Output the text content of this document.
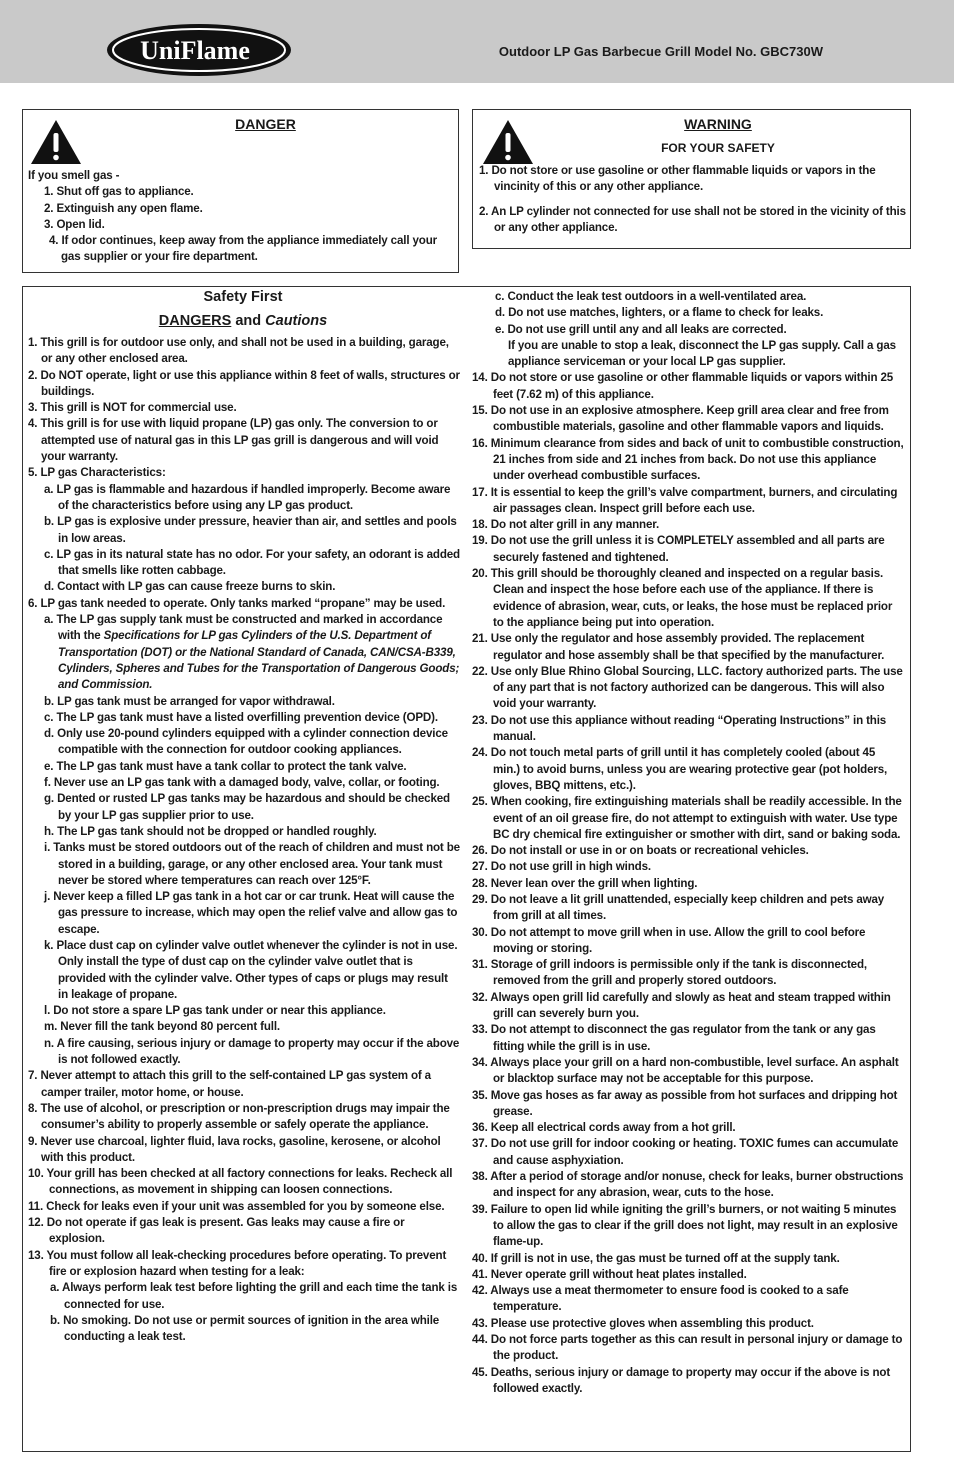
UniFlame	Outdoor LP Gas Barbecue Grill Model No. GBC730W
DANGER
If you smell gas -
1. Shut off gas to appliance.
2. Extinguish any open flame.
3. Open lid.
4. If odor continues, keep away from the appliance immediately call your gas supplier or your fire department.
WARNING
FOR YOUR SAFETY
1. Do not store or use gasoline or other flammable liquids or vapors in the vincinity of this or any other appliance.
2. An LP cylinder not connected for use shall not be stored in the vicinity of this or any other appliance.
Safety First
DANGERS and Cautions
1. This grill is for outdoor use only, and shall not be used in a building, garage, or any other enclosed area.
2. Do NOT operate, light or use this appliance within 8 feet of walls, structures or buildings.
3. This grill is NOT for commercial use.
4. This grill is for use with liquid propane (LP) gas only. The conversion to or attempted use of natural gas in this LP gas grill is dangerous and will void your warranty.
5. LP gas Characteristics:
a. LP gas is flammable and hazardous if handled improperly. Become aware of the characteristics before using any LP gas product.
b. LP gas is explosive under pressure, heavier than air, and settles and pools in low areas.
c. LP gas in its natural state has no odor. For your safety, an odorant is added that smells like rotten cabbage.
d. Contact with LP gas can cause freeze burns to skin.
6. LP gas tank needed to operate. Only tanks marked “propane” may be used.
a. The LP gas supply tank must be constructed and marked in accordance with the Specifications for LP gas Cylinders of the U.S. Department of Transportation (DOT) or the National Standard of Canada, CAN/CSA-B339, Cylinders, Spheres and Tubes for the Transportation of Dangerous Goods; and Commission.
b. LP gas tank must be arranged for vapor withdrawal.
c. The LP gas tank must have a listed overfilling prevention device (OPD).
d. Only use 20-pound cylinders equipped with a cylinder connection device compatible with the connection for outdoor cooking appliances.
e. The LP gas tank must have a tank collar to protect the tank valve.
f. Never use an LP gas tank with a damaged body, valve, collar, or footing.
g. Dented or rusted LP gas tanks may be hazardous and should be checked by your LP gas supplier prior to use.
h. The LP gas tank should not be dropped or handled roughly.
i. Tanks must be stored outdoors out of the reach of children and must not be stored in a building, garage, or any other enclosed area. Your tank must never be stored where temperatures can reach over 125°F.
j. Never keep a filled LP gas tank in a hot car or car trunk. Heat will cause the gas pressure to increase, which may open the relief valve and allow gas to escape.
k. Place dust cap on cylinder valve outlet whenever the cylinder is not in use. Only install the type of dust cap on the cylinder valve outlet that is provided with the cylinder valve. Other types of caps or plugs may result in leakage of propane.
l. Do not store a spare LP gas tank under or near this appliance.
m. Never fill the tank beyond 80 percent full.
n. A fire causing, serious injury or damage to property may occur if the above is not followed exactly.
7. Never attempt to attach this grill to the self-contained LP gas system of a camper trailer, motor home, or house.
8. The use of alcohol, or prescription or non-prescription drugs may impair the consumer’s ability to properly assemble or safely operate the appliance.
9. Never use charcoal, lighter fluid, lava rocks, gasoline, kerosene, or alcohol with this product.
10. Your grill has been checked at all factory connections for leaks. Recheck all connections, as movement in shipping can loosen connections.
11. Check for leaks even if your unit was assembled for you by someone else.
12. Do not operate if gas leak is present. Gas leaks may cause a fire or explosion.
13. You must follow all leak-checking procedures before operating. To prevent fire or explosion hazard when testing for a leak:
a. Always perform leak test before lighting the grill and each time the tank is connected for use.
b. No smoking. Do not use or permit sources of ignition in the area while conducting a leak test.
c. Conduct the leak test outdoors in a well-ventilated area.
d. Do not use matches, lighters, or a flame to check for leaks.
e. Do not use grill until any and all leaks are corrected.
If you are unable to stop a leak, disconnect the LP gas supply. Call a gas appliance serviceman or your local LP gas supplier.
14. Do not store or use gasoline or other flammable liquids or vapors within 25 feet (7.62 m) of this appliance.
15. Do not use in an explosive atmosphere. Keep grill area clear and free from combustible materials, gasoline and other flammable vapors and liquids.
16. Minimum clearance from sides and back of unit to combustible construction, 21 inches from side and 21 inches from back. Do not use this appliance under overhead combustible surfaces.
17. It is essential to keep the grill’s valve compartment, burners, and circulating air passages clean. Inspect grill before each use.
18. Do not alter grill in any manner.
19. Do not use the grill unless it is COMPLETELY assembled and all parts are securely fastened and tightened.
20. This grill should be thoroughly cleaned and inspected on a regular basis. Clean and inspect the hose before each use of the appliance. If there is evidence of abrasion, wear, cuts, or leaks, the hose must be replaced prior to the appliance being put into operation.
21. Use only the regulator and hose assembly provided. The replacement regulator and hose assembly shall be that specified by the manufacturer.
22. Use only Blue Rhino Global Sourcing, LLC. factory authorized parts. The use of any part that is not factory authorized can be dangerous. This will also void your warranty.
23. Do not use this appliance without reading “Operating Instructions” in this manual.
24. Do not touch metal parts of grill until it has completely cooled (about 45 min.) to avoid burns, unless you are wearing protective gear (pot holders, gloves, BBQ mittens, etc.).
25. When cooking, fire extinguishing materials shall be readily accessible. In the event of an oil grease fire, do not attempt to extinguish with water. Use type BC dry chemical fire extinguisher or smother with dirt, sand or baking soda.
26. Do not install or use in or on boats or recreational vehicles.
27. Do not use grill in high winds.
28. Never lean over the grill when lighting.
29. Do not leave a lit grill unattended, especially keep children and pets away from grill at all times.
30. Do not attempt to move grill when in use. Allow the grill to cool before moving or storing.
31. Storage of grill indoors is permissible only if the tank is disconnected, removed from the grill and properly stored outdoors.
32. Always open grill lid carefully and slowly as heat and steam trapped within grill can severely burn you.
33. Do not attempt to disconnect the gas regulator from the tank or any gas fitting while the grill is in use.
34. Always place your grill on a hard non-combustible, level surface. An asphalt or blacktop surface may not be acceptable for this purpose.
35. Move gas hoses as far away as possible from hot surfaces and dripping hot grease.
36. Keep all electrical cords away from a hot grill.
37. Do not use grill for indoor cooking or heating. TOXIC fumes can accumulate and cause asphyxiation.
38. After a period of storage and/or nonuse, check for leaks, burner obstructions and inspect for any abrasion, wear, cuts to the hose.
39. Failure to open lid while igniting the grill’s burners, or not waiting 5 minutes to allow the gas to clear if the grill does not light, may result in an explosive flame-up.
40. If grill is not in use, the gas must be turned off at the supply tank.
41. Never operate grill without heat plates installed.
42. Always use a meat thermometer to ensure food is cooked to a safe temperature.
43. Please use protective gloves when assembling this product.
44. Do not force parts together as this can result in personal injury or damage to the product.
45. Deaths, serious injury or damage to property may occur if the above is not followed exactly.
